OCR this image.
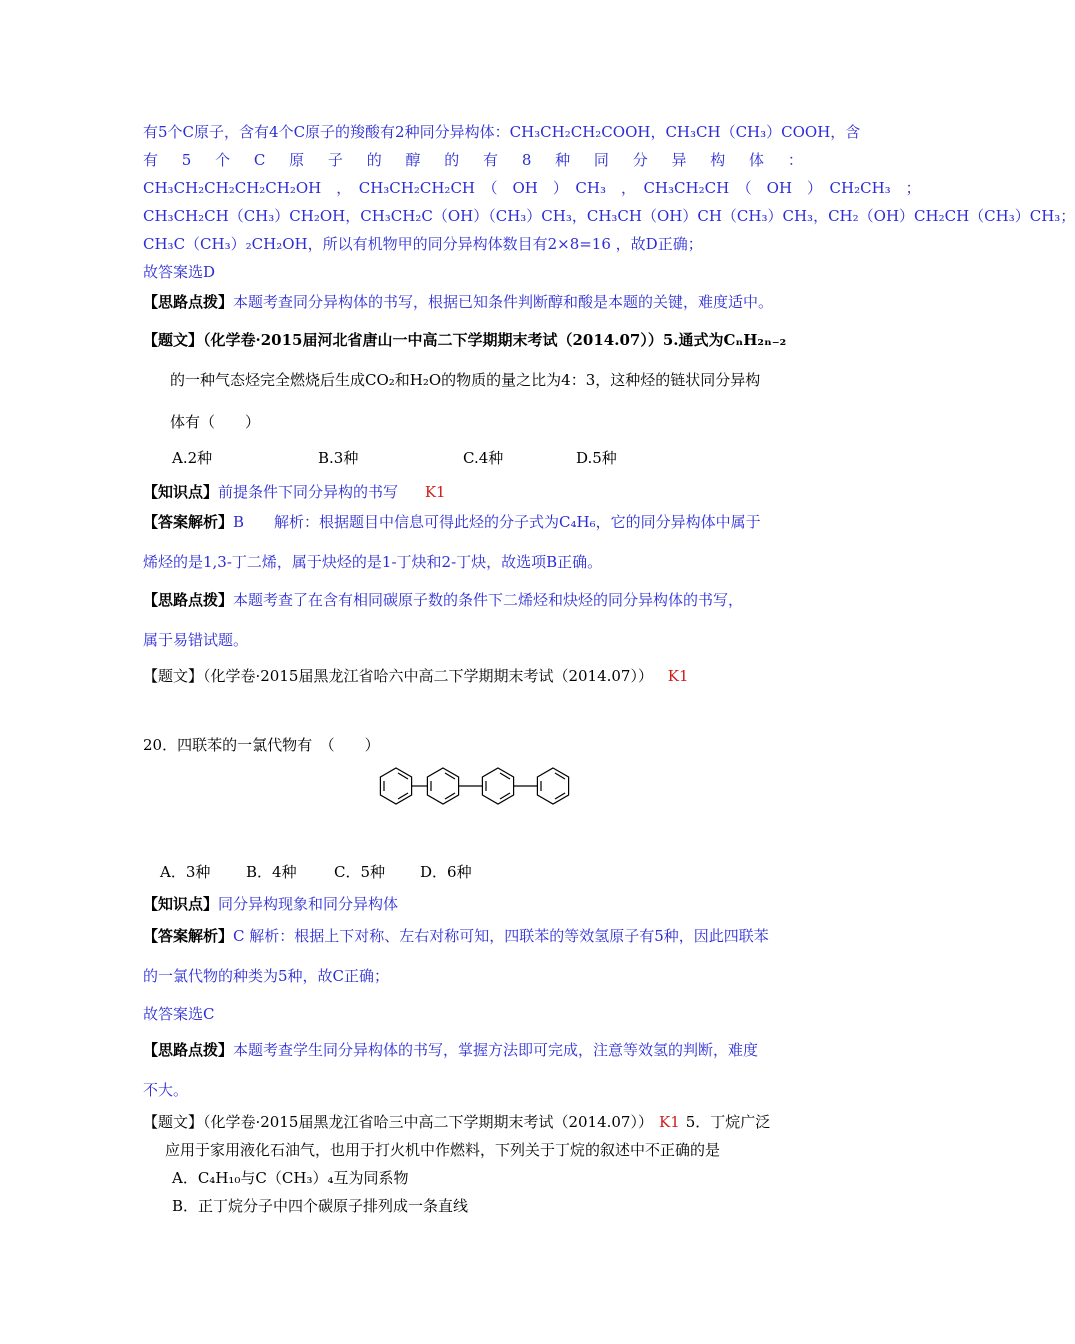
有5个C原子，含有4个C原子的羧酸有2种同分异构体：CH₃CH₂CH₂COOH，CH₃CH（CH₃）COOH，含
有 5 个 C 原 子 的 醇 的 有 8 种 同 分 异 构 体 ：
CH₃CH₂CH₂CH₂CH₂OH　，　CH₃CH₂CH₂CH　（　OH　）　CH₃　，　CH₃CH₂CH　（　OH　）　CH₂CH₃　；
CH₃CH₂CH（CH₃）CH₂OH，CH₃CH₂C（OH）（CH₃）CH₃，CH₃CH（OH）CH（CH₃）CH₃，CH₂（OH）CH₂CH（CH₃）CH₃；
CH₃C（CH₃）₂CH₂OH，所以有机物甲的同分异构体数目有2×8=16 ，故D正确；
故答案选D
【思路点拨】本题考查同分异构体的书写，根据已知条件判断醇和酸是本题的关键，难度适中。
【题文】（化学卷·2015届河北省唐山一中高二下学期期末考试（2014.07））5.通式为CₙH₂ₙ₋₂
的一种气态烃完全燃烧后生成CO₂和H₂O的物质的量之比为4：3，这种烃的链状同分异构
体有（　　）
A.2种	B.3种	C.4种	D.5种
【知识点】前提条件下同分异构的书写 K1
【答案解析】B　　解析：根据题目中信息可得此烃的分子式为C₄H₆，它的同分异构体中属于
烯烃的是1,3-丁二烯，属于炔烃的是1-丁炔和2-丁炔，故选项B正确。
【思路点拨】本题考查了在含有相同碳原子数的条件下二烯烃和炔烃的同分异构体的书写，
属于易错试题。
【题文】（化学卷·2015届黑龙江省哈六中高二下学期期末考试（2014.07）） K1
20．四联苯的一氯代物有　（　　）
A．3种 B．4种 C．5种 D．6种
【知识点】同分异构现象和同分异构体
【答案解析】C 解析：根据上下对称、左右对称可知，四联苯的等效氢原子有5种，因此四联苯
的一氯代物的种类为5种，故C正确；
故答案选C
【思路点拨】本题考查学生同分异构体的书写，掌握方法即可完成，注意等效氢的判断，难度
不大。
【题文】（化学卷·2015届黑龙江省哈三中高二下学期期末考试（2014.07）） K1 5．丁烷广泛
应用于家用液化石油气，也用于打火机中作燃料，下列关于丁烷的叙述中不正确的是
A．C₄H₁₀与C（CH₃）₄互为同系物
B．正丁烷分子中四个碳原子排列成一条直线
